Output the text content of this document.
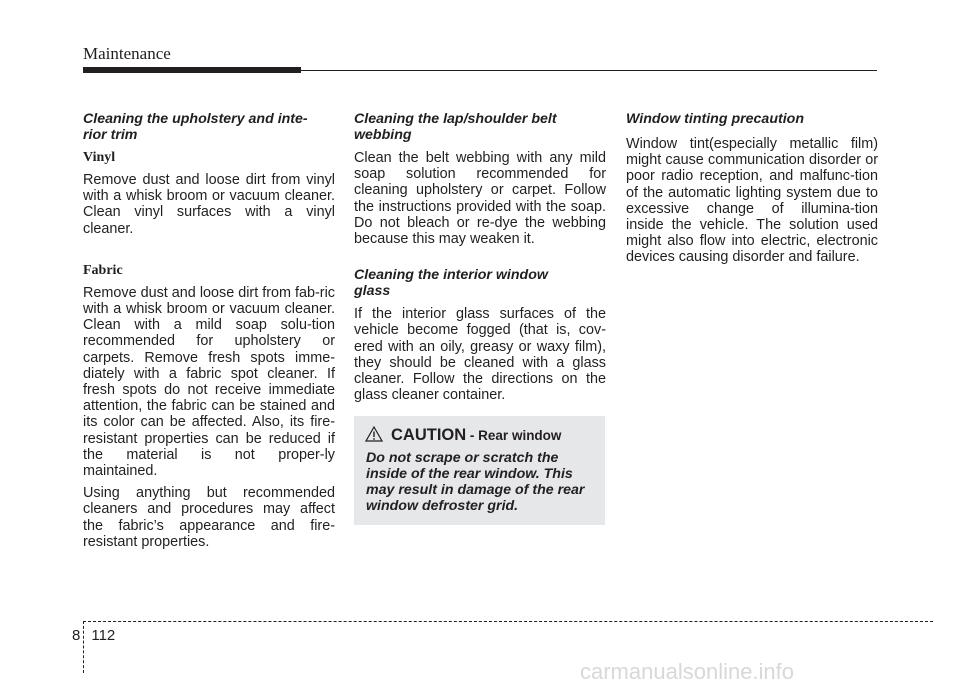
Maintenance
Cleaning the upholstery and inte-
rior trim
Vinyl

Remove dust and loose dirt from vinyl with a whisk broom or vacuum cleaner. Clean vinyl surfaces with a vinyl cleaner.

Fabric

Remove dust and loose dirt from fab-ric with a whisk broom or vacuum cleaner. Clean with a mild soap solu-tion recommended for upholstery or carpets. Remove fresh spots imme-diately with a fabric spot cleaner. If fresh spots do not receive immediate attention, the fabric can be stained and its color can be affected. Also, its fire-resistant properties can be reduced if the material is not proper-ly maintained.

Using anything but recommended cleaners and procedures may affect the fabric’s appearance and fire-resistant properties.

Cleaning the lap/shoulder belt
webbing

Clean the belt webbing with any mild soap solution recommended for cleaning upholstery or carpet. Follow the instructions provided with the soap. Do not bleach or re-dye the webbing because this may weaken it.

Cleaning the interior window
glass

If the interior glass surfaces of the vehicle become fogged (that is, cov-ered with an oily, greasy or waxy film), they should be cleaned with a glass cleaner. Follow the directions on the glass cleaner container.

CAUTION - Rear window
Do not scrape or scratch the inside of the rear window. This may result in damage of the rear window defroster grid.
Window tinting precaution

Window tint(especially metallic film) might cause communication disorder or poor radio reception, and malfunc-tion of the automatic lighting system due to excessive change of illumina-tion inside the vehicle. The solution used might also flow into electric, electronic devices causing disorder and failure.

8 112
carmanualsonline.info
